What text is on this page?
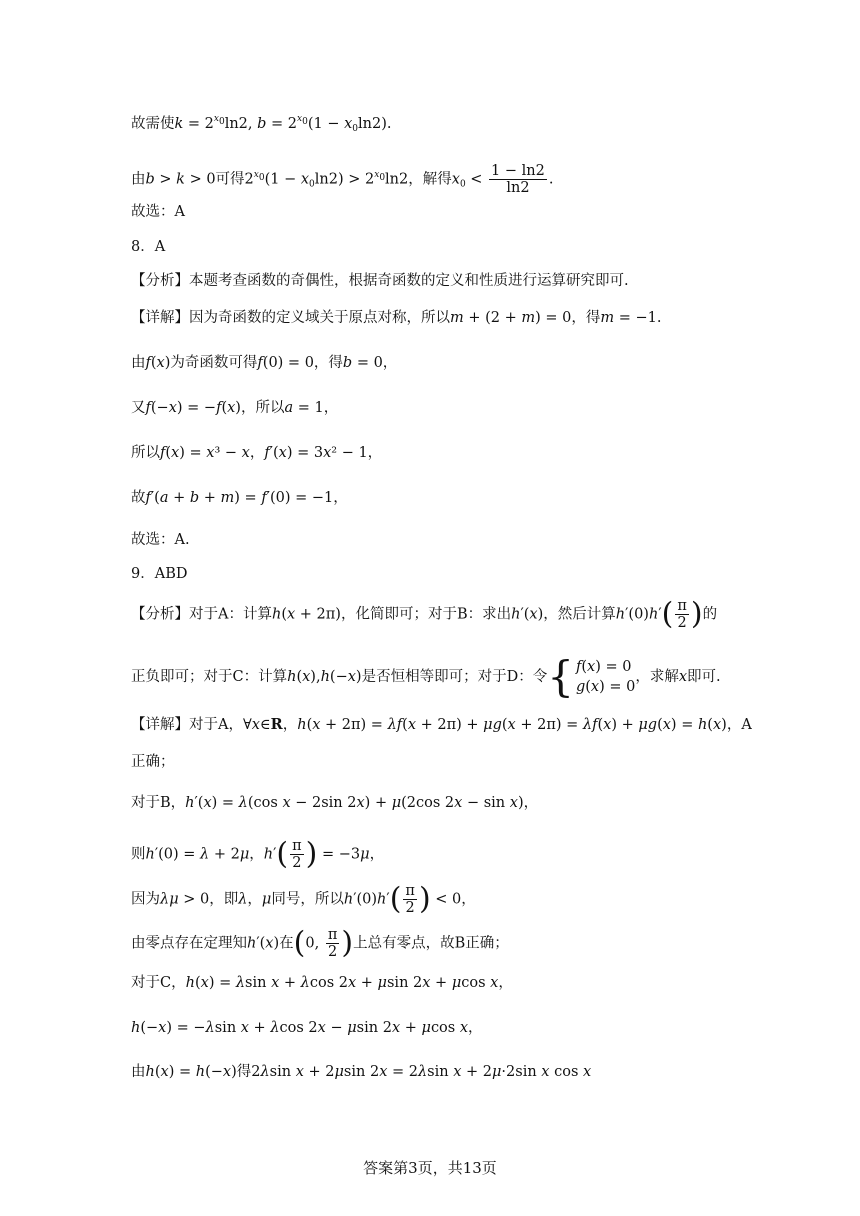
故需使$k = 2^{x_0}\ln 2$, $b = 2^{x_0}(1 - x_0\ln 2)$.
由b > k > 0可得$2^{x_0}(1 - x_0\ln 2) > 2^{x_0}\ln 2$，解得$x_0 < \frac{1 - \ln 2}{\ln 2}$ .
故选：A
8．A
【分析】本题考查函数的奇偶性，根据奇函数的定义和性质进行运算研究即可.
【详解】因为奇函数的定义域关于原点对称，所以m + (2 + m) = 0，得m = −1.
由f(x)为奇函数可得f(0) = 0，得b = 0，
又f(−x) = −f(x)，所以a = 1，
所以f(x) = x³ − x，f′(x) = 3x² − 1，
故f′(a + b + m) = f′(0) = −1，
故选：A.
9．ABD
【分析】对于A：计算h(x + 2π)，化简即可；对于B：求出h′(x)，然后计算$h'(0)h'( \frac{\pi}{2}$ )的
正负即可；对于C：计算h(x),h(−x)是否恒相等即可；对于D：令 { f(x) = 0
g(x) = 0
，求解x即可.
【详解】对于A，∀x∈R，h(x + 2π) = λf(x + 2π) + μg(x + 2π) = λf(x) + μg(x) = h(x)，A
正确；
对于B，h′(x) = λ(cos x − 2sin 2x) + μ(2cos 2x − sin x)，
则h′(0) = λ + 2μ，$h'( \frac{\pi}{2}$ ) = −3μ，
因为λμ > 0，即λ，μ同号，所以$h'(0)h'( \frac{\pi}{2}$ ) < 0，
由零点存在定理知h′(x)在(0, $\frac{\pi}{2}$ )上总有零点，故B正确；
对于C，h(x) = λsin x + λcos 2x + μsin 2x + μcos x，
h(−x) = −λsin x + λcos 2x − μsin 2x + μcos x，
由h(x) = h(−x)得2λsin x + 2μsin 2x = 2λsin x + 2μ·2sin x cos x
答案第3页，共13页
